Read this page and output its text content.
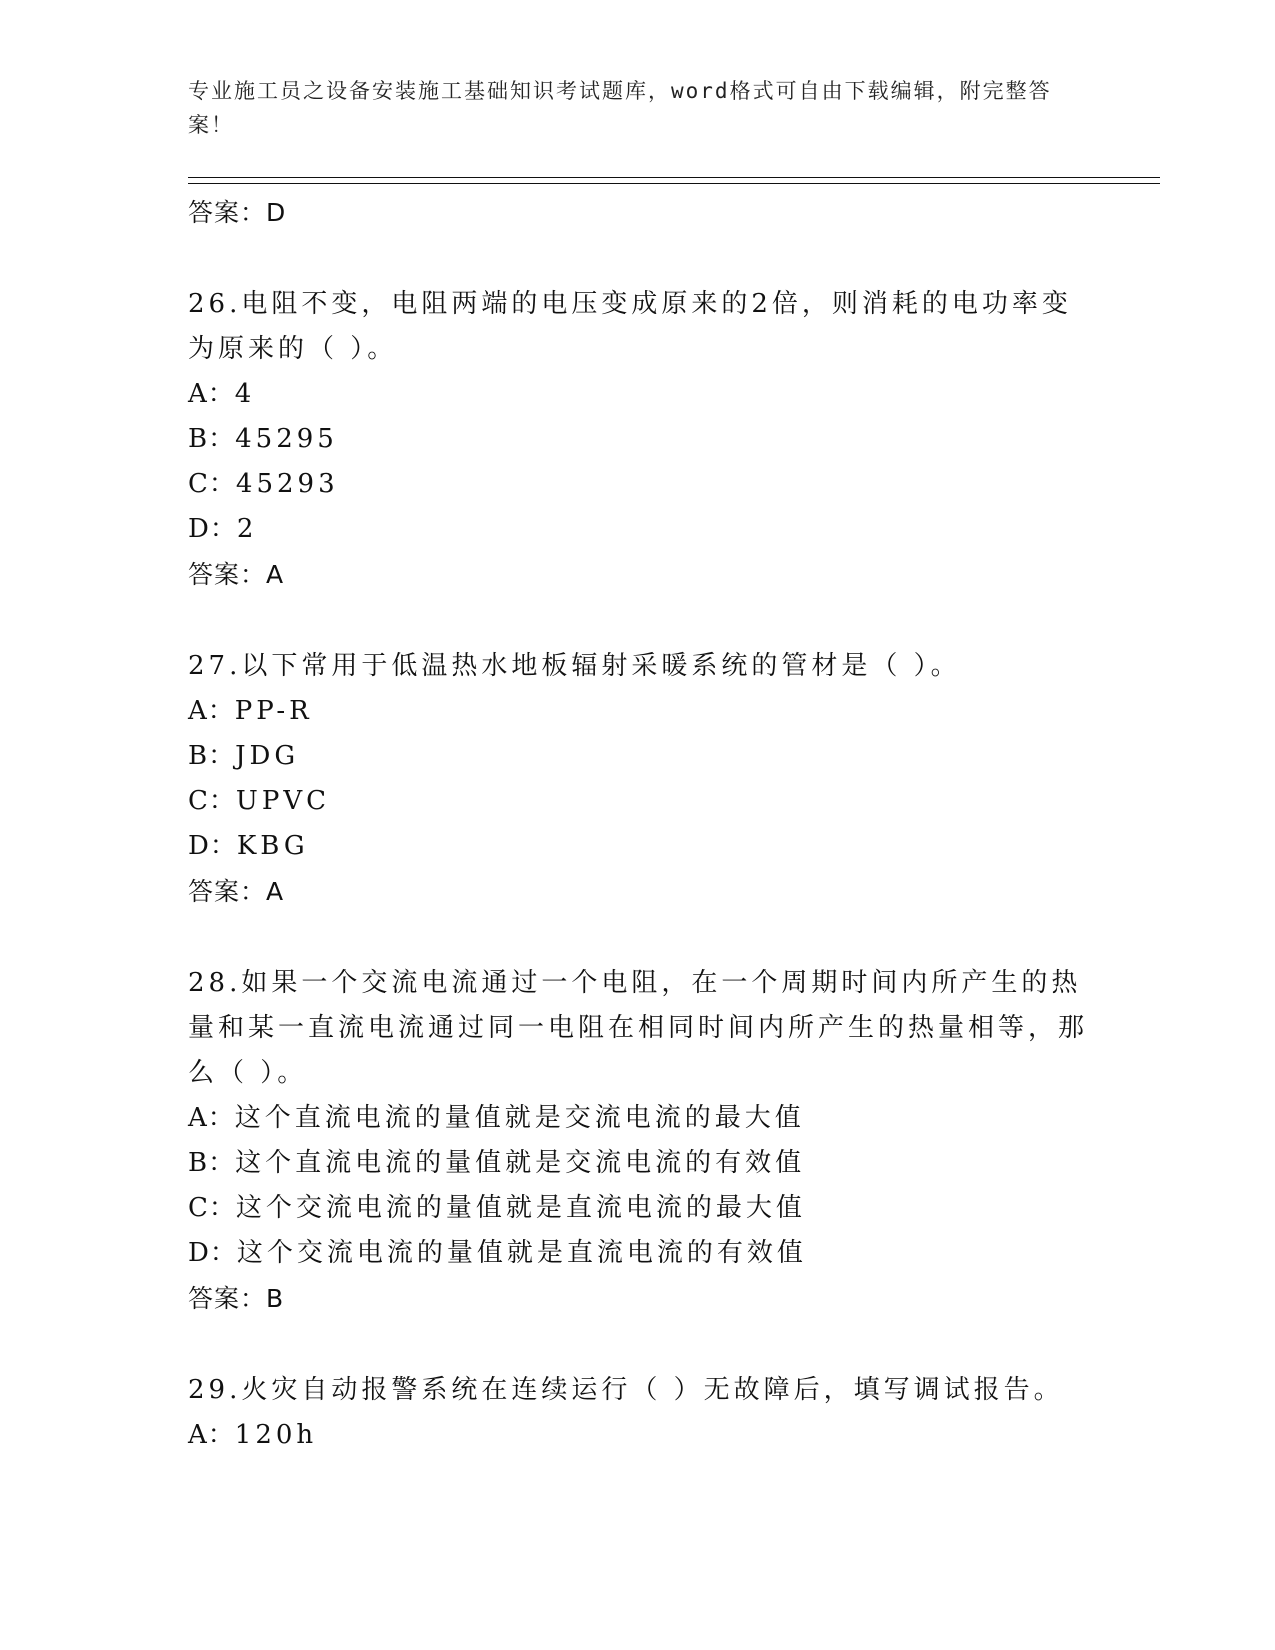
专业施工员之设备安装施工基础知识考试题库，word格式可自由下载编辑，附完整答案！
答案：D
26.电阻不变，电阻两端的电压变成原来的2倍，则消耗的电功率变为原来的（ ）。
A：4
B：45295
C：45293
D：2
答案：A
27.以下常用于低温热水地板辐射采暖系统的管材是（ ）。
A：PP-R
B：JDG
C：UPVC
D：KBG
答案：A
28.如果一个交流电流通过一个电阻，在一个周期时间内所产生的热量和某一直流电流通过同一电阻在相同时间内所产生的热量相等，那么（ ）。
A：这个直流电流的量值就是交流电流的最大值
B：这个直流电流的量值就是交流电流的有效值
C：这个交流电流的量值就是直流电流的最大值
D：这个交流电流的量值就是直流电流的有效值
答案：B
29.火灾自动报警系统在连续运行（ ）无故障后，填写调试报告。
A：120h
